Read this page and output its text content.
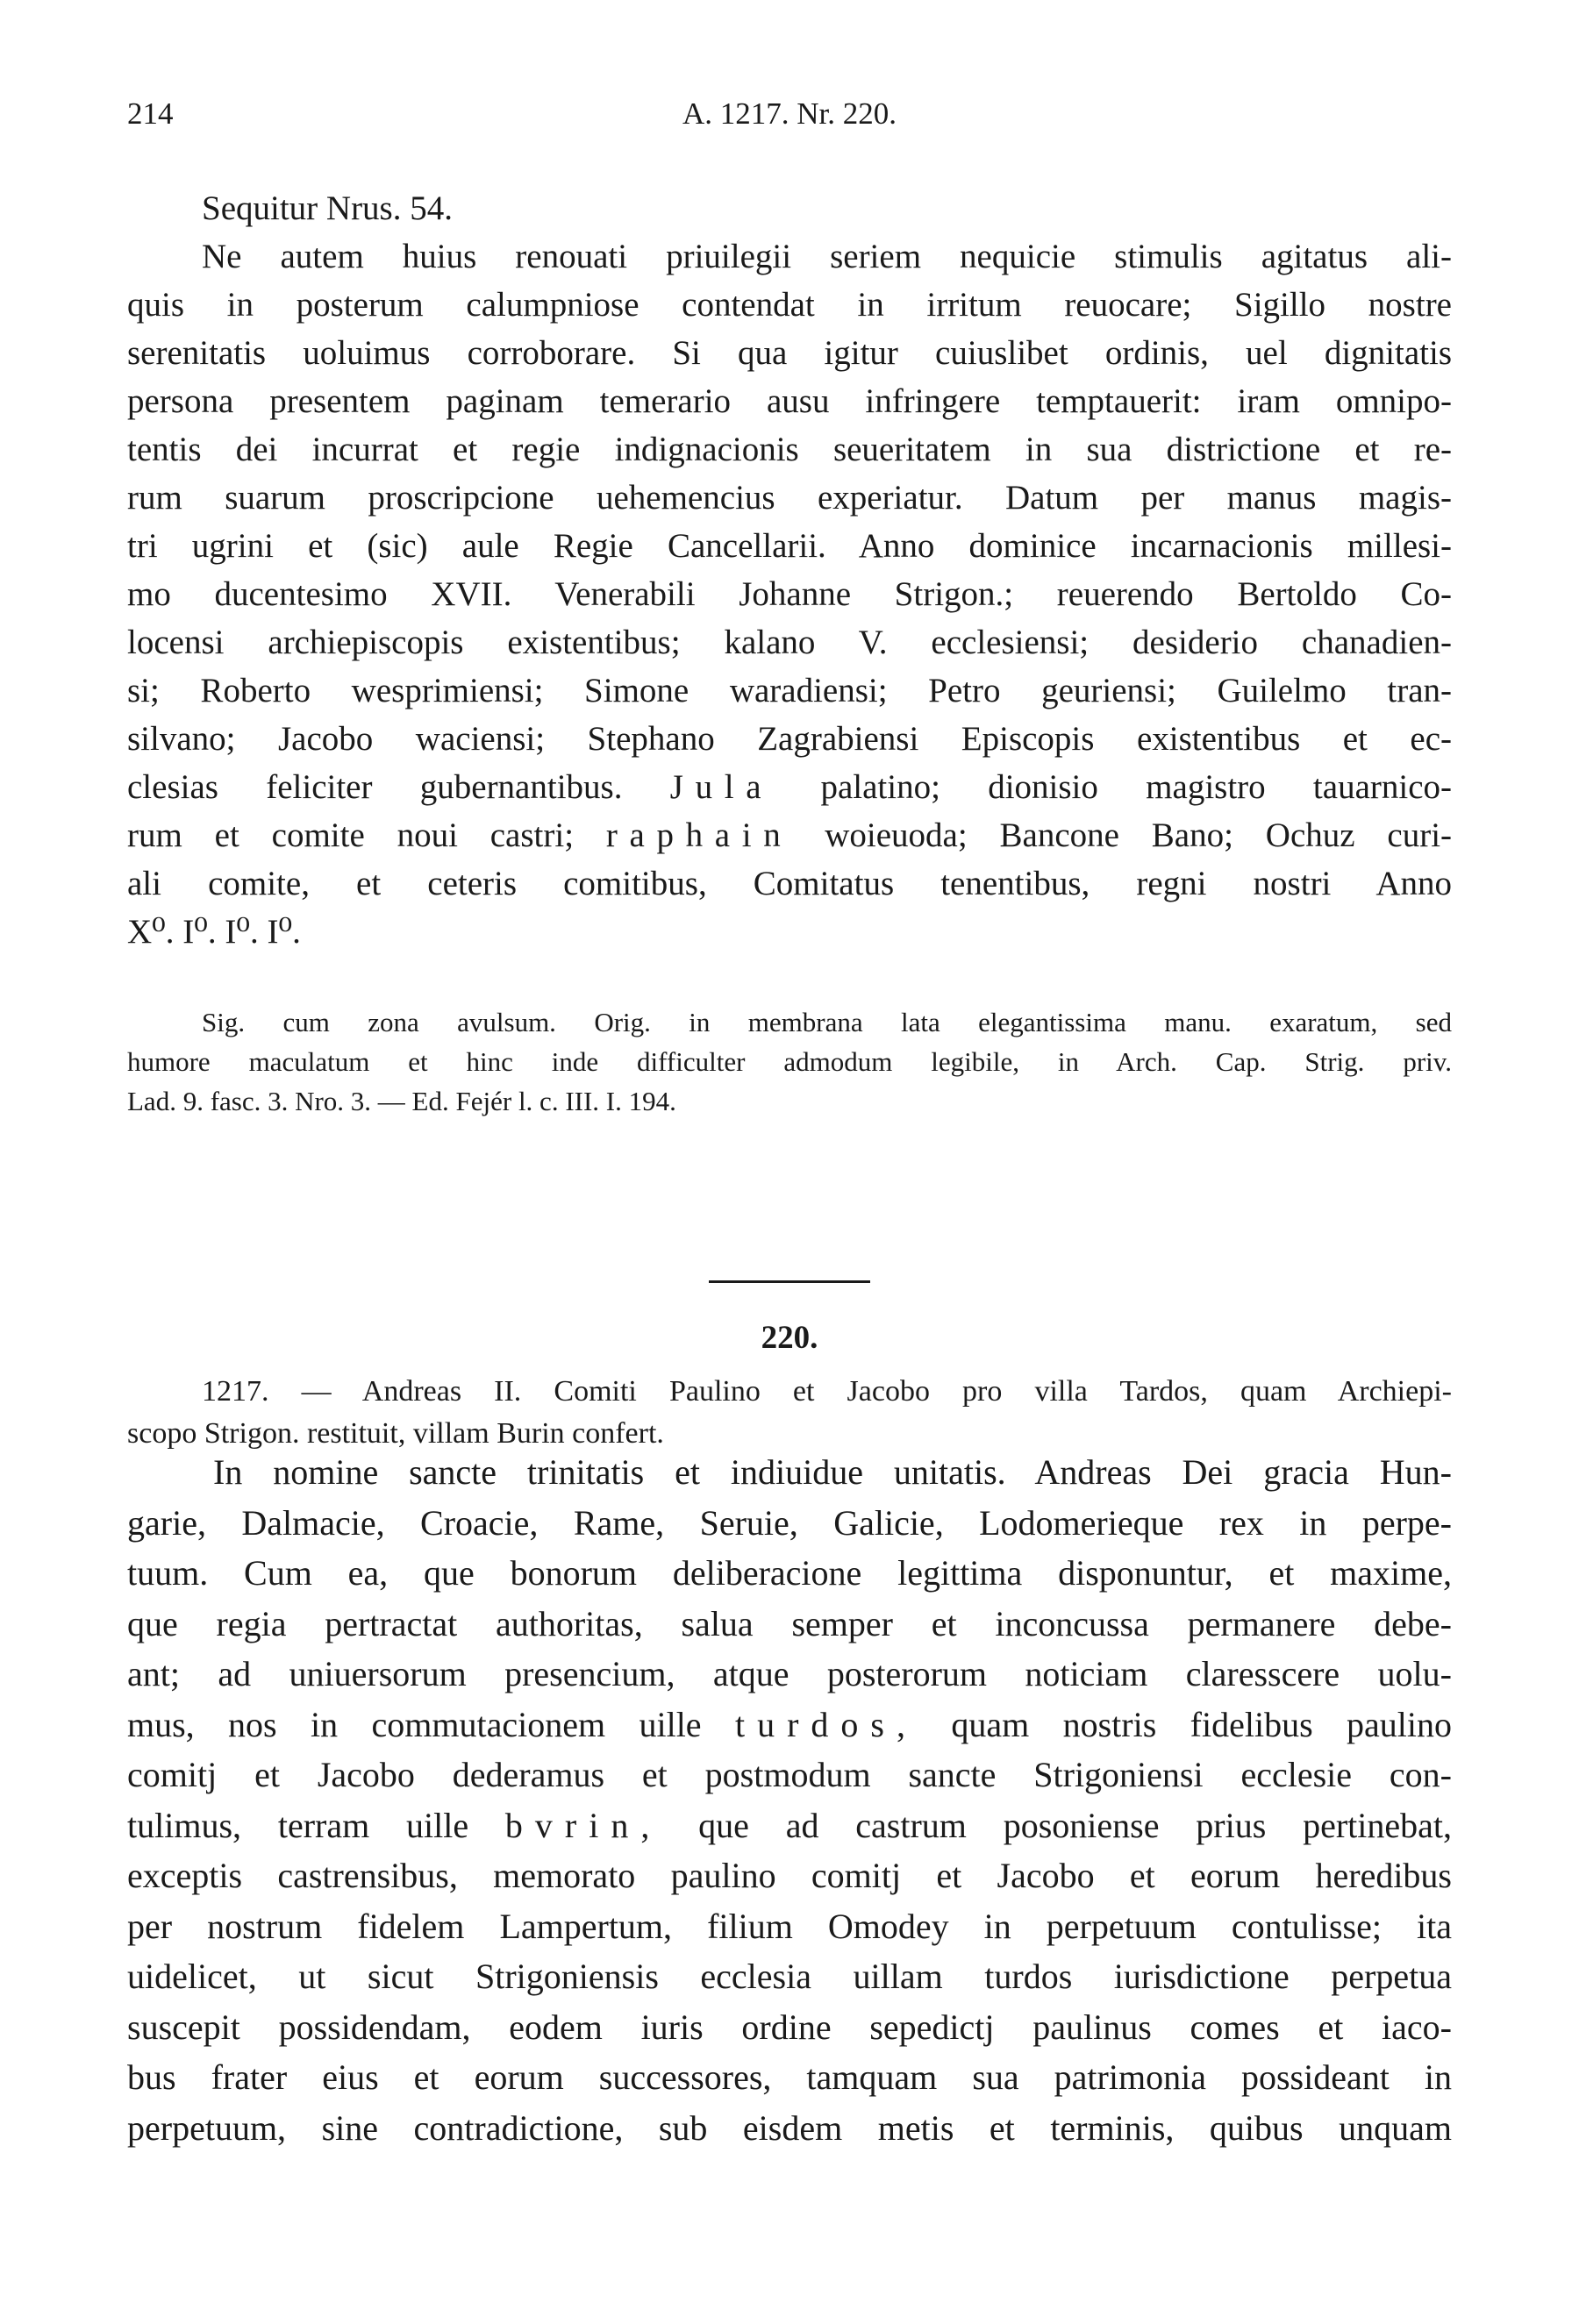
214	A. 1217. Nr. 220.
Sequitur Nrus. 54.
Ne autem huius renouati priuilegii seriem nequicie stimulis agitatus ali-
quis in posterum calumpniose contendat in irritum reuocare; Sigillo nostre
serenitatis uoluimus corroborare. Si qua igitur cuiuslibet ordinis, uel dignitatis
persona presentem paginam temerario ausu infringere temptauerit: iram omnipo-
tentis dei incurrat et regie indignacionis seueritatem in sua districtione et re-
rum suarum proscripcione uehemencius experiatur. Datum per manus magis-
tri ugrini et (sic) aule Regie Cancellarii. Anno dominice incarnacionis millesi-
mo ducentesimo XVII. Venerabili Johanne Strigon.; reuerendo Bertoldo Co-
locensi archiepiscopis existentibus; kalano V. ecclesiensi; desiderio chanadien-
si; Roberto wesprimiensi; Simone waradiensi; Petro geuriensi; Guilelmo tran-
silvano; Jacobo waciensi; Stephano Zagrabiensi Episcopis existentibus et ec-
clesias feliciter gubernantibus. Jula palatino; dionisio magistro tauarnico-
rum et comite noui castri; raphain woieuoda; Bancone Bano; Ochuz curi-
ali comite, et ceteris comitibus, Comitatus tenentibus, regni nostri Anno
X⁰. I⁰. I⁰. I⁰.
Sig. cum zona avulsum. Orig. in membrana lata elegantissima manu. exaratum, sed
humore maculatum et hinc inde difficulter admodum legibile, in Arch. Cap. Strig. priv.
Lad. 9. fasc. 3. Nro. 3. — Ed. Fejér l. c. III. I. 194.
220.
1217. — Andreas II. Comiti Paulino et Jacobo pro villa Tardos, quam Archiepi-
scopo Strigon. restituit, villam Burin confert.
In nomine sancte trinitatis et indiuidue unitatis. Andreas Dei gracia Hun-
garie, Dalmacie, Croacie, Rame, Seruie, Galicie, Lodomerieque rex in perpe-
tuum. Cum ea, que bonorum deliberacione legittima disponuntur, et maxime,
que regia pertractat authoritas, salua semper et inconcussa permanere debe-
ant; ad uniuersorum presencium, atque posterorum noticiam claresscere uolu-
mus, nos in commutacionem uille turdos, quam nostris fidelibus paulino
comitj et Jacobo dederamus et postmodum sancte Strigoniensi ecclesie con-
tulimus, terram uille bvrin, que ad castrum posoniense prius pertinebat,
exceptis castrensibus, memorato paulino comitj et Jacobo et eorum heredibus
per nostrum fidelem Lampertum, filium Omodey in perpetuum contulisse; ita
uidelicet, ut sicut Strigoniensis ecclesia uillam turdos iurisdictione perpetua
suscepit possidendam, eodem iuris ordine sepedictj paulinus comes et iaco-
bus frater eius et eorum successores, tamquam sua patrimonia possideant in
perpetuum, sine contradictione, sub eisdem metis et terminis, quibus unquam
